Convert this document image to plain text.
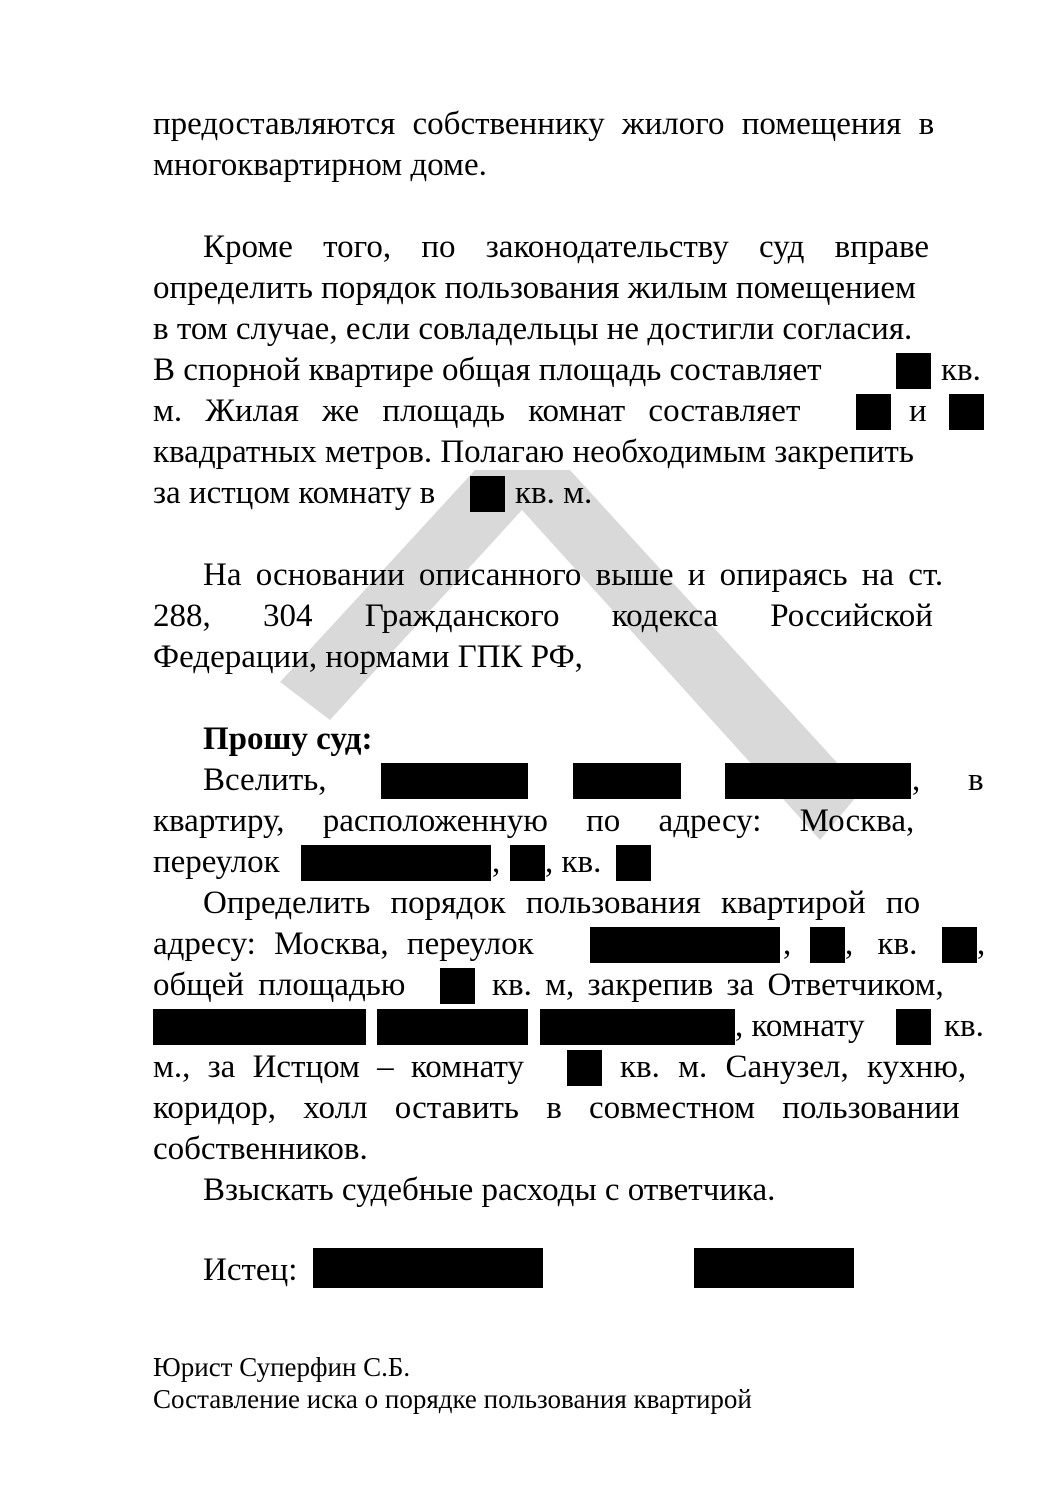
предоставляются собственнику жилого помещения в
многоквартирном доме.
Кроме того, по законодательству суд вправе
определить порядок пользования жилым помещением
в том случае, если совладельцы не достигли согласия.
В спорной квартире общая площадь составляет	кв.
м. Жилая же площадь комнат составляет	и
квадратных метров. Полагаю необходимым закрепить
за истцом комнату в кв. м.
На основании описанного выше и опираясь на ст.
288, 304 Гражданского кодекса Российской
Федерации, нормами ГПК РФ,
Прошу суд:
Вселить,	, в
квартиру, расположенную по адресу: Москва,
переулок	, , кв.
Определить порядок пользования квартирой по
адресу: Москва, переулок	, , кв. ,
общей площадью	кв. м, закрепив за Ответчиком,
, комнату кв.
м., за Истцом – комнату	кв. м. Санузел, кухню,
коридор, холл оставить в совместном пользовании
собственников.
Взыскать судебные расходы с ответчика.
Истец:
Юрист Суперфин С.Б.
Составление иска о порядке пользования квартирой
